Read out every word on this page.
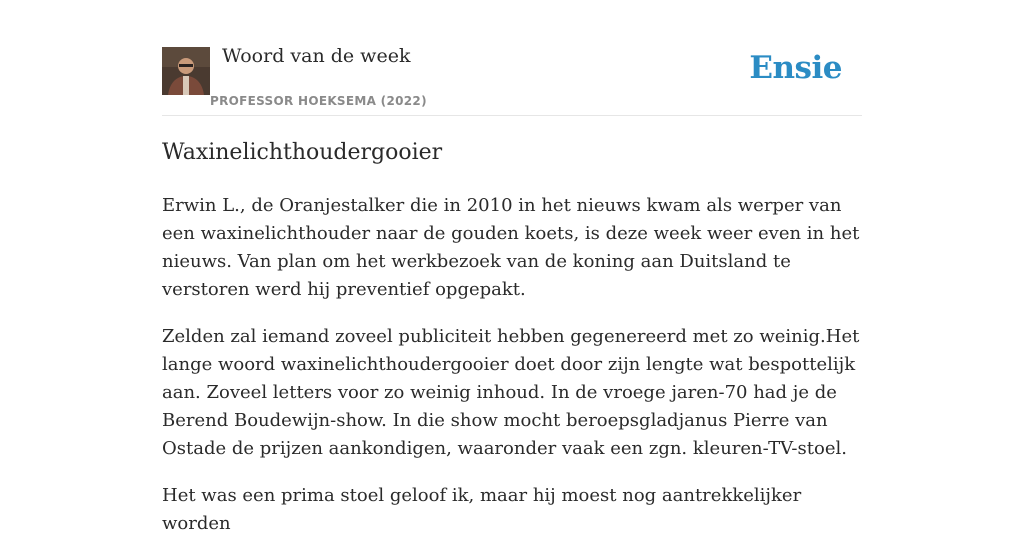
Woord van de week
PROFESSOR HOEKSEMA (2022)
Ensie
Waxinelichthoudergooier

Erwin L., de Oranjestalker die in 2010 in het nieuws kwam als werper van een waxinelichthouder naar de gouden koets, is deze week weer even in het nieuws. Van plan om het werkbezoek van de koning aan Duitsland te verstoren werd hij preventief opgepakt.

Zelden zal iemand zoveel publiciteit hebben gegenereerd met zo weinig.Het lange woord waxinelichthoudergooier doet door zijn lengte wat bespottelijk aan. Zoveel letters voor zo weinig inhoud. In de vroege jaren-70 had je de Berend Boudewijn-show. In die show mocht beroepsgladjanus Pierre van Ostade de prijzen aankondigen, waaronder vaak een zgn. kleuren-TV-stoel.

Het was een prima stoel geloof ik, maar hij moest nog aantrekkelijker worden
